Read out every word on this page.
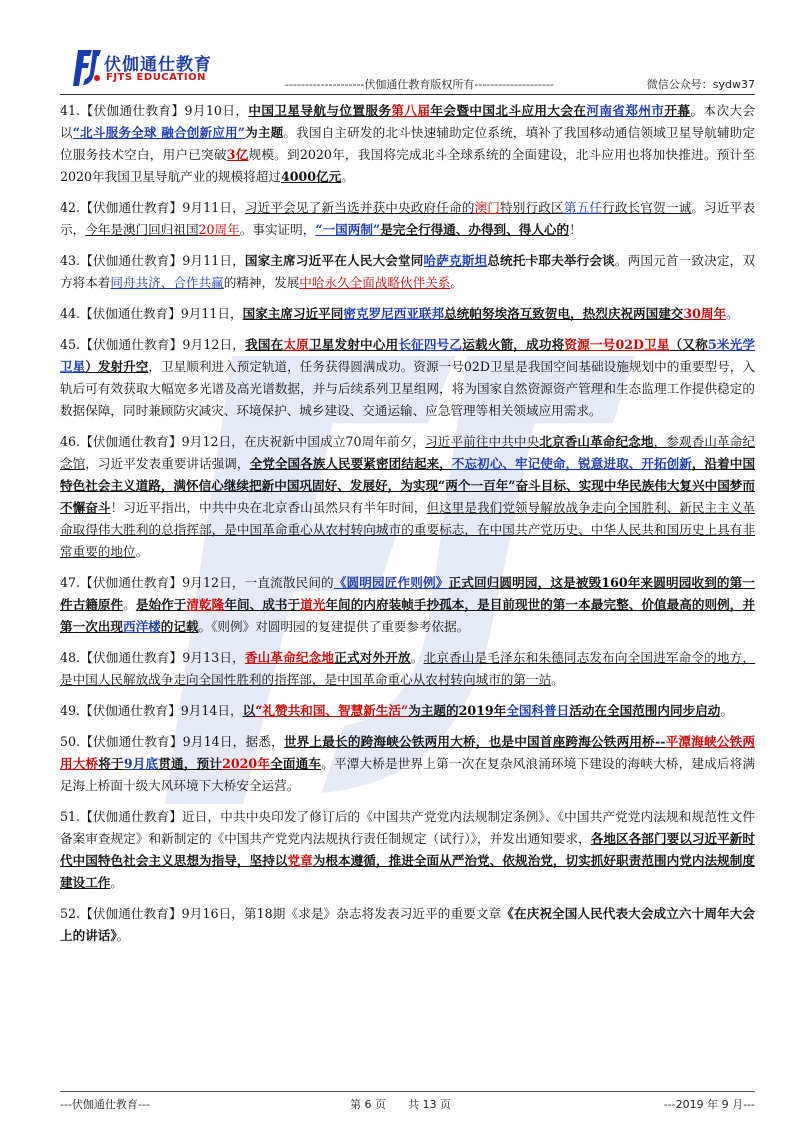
伏伽通仕教育
FJTS EDUCATION
--------------------伏伽通仕教育版权所有--------------------	微信公众号：sydw37

41.【伏伽通仕教育】9月10日，中国卫星导航与位置服务第八届年会暨中国北斗应用大会在河南省郑州市开幕。本次大会以“北斗服务全球 融合创新应用”为主题。我国自主研发的北斗快速辅助定位系统，填补了我国移动通信领域卫星导航辅助定位服务技术空白，用户已突破3亿规模。到2020年，我国将完成北斗全球系统的全面建设，北斗应用也将加快推进。预计至2020年我国卫星导航产业的规模将超过4000亿元。

42.【伏伽通仕教育】9月11日，习近平会见了新当选并获中央政府任命的澳门特别行政区第五任行政长官贺一诚。习近平表示，今年是澳门回归祖国20周年。事实证明，“一国两制”是完全行得通、办得到、得人心的！

43.【伏伽通仕教育】9月11日，国家主席习近平在人民大会堂同哈萨克斯坦总统托卡耶夫举行会谈。两国元首一致决定，双方将本着同舟共济、合作共赢的精神，发展中哈永久全面战略伙伴关系。

44.【伏伽通仕教育】9月11日，国家主席习近平同密克罗尼西亚联邦总统帕努埃洛互致贺电，热烈庆祝两国建交30周年。

45.【伏伽通仕教育】9月12日，我国在太原卫星发射中心用长征四号乙运载火箭，成功将资源一号02D卫星（又称5米光学卫星）发射升空，卫星顺利进入预定轨道，任务获得圆满成功。资源一号02D卫星是我国空间基础设施规划中的重要型号，入轨后可有效获取大幅宽多光谱及高光谱数据，并与后续系列卫星组网，将为国家自然资源资产管理和生态监理工作提供稳定的数据保障，同时兼顾防灾减灾、环境保护、城乡建设、交通运输、应急管理等相关领域应用需求。

46.【伏伽通仕教育】9月12日，在庆祝新中国成立70周年前夕，习近平前往中共中央北京香山革命纪念地，参观香山革命纪念馆，习近平发表重要讲话强调，全党全国各族人民要紧密团结起来，不忘初心、牢记使命，锐意进取、开拓创新，沿着中国特色社会主义道路，满怀信心继续把新中国巩固好、发展好，为实现“两个一百年”奋斗目标、实现中华民族伟大复兴中国梦而不懈奋斗！习近平指出，中共中央在北京香山虽然只有半年时间，但这里是我们党领导解放战争走向全国胜利、新民主主义革命取得伟大胜利的总指挥部，是中国革命重心从农村转向城市的重要标志，在中国共产党历史、中华人民共和国历史上具有非常重要的地位。

47.【伏伽通仕教育】9月12日，一直流散民间的《圆明园匠作则例》正式回归圆明园，这是被毁160年来圆明园收到的第一件古籍原件。是始作于清乾隆年间、成书于道光年间的内府装帧手抄孤本，是目前现世的第一本最完整、价值最高的则例，并第一次出现西洋楼的记载。《则例》对圆明园的复建提供了重要参考依据。

48.【伏伽通仕教育】9月13日，香山革命纪念地正式对外开放。北京香山是毛泽东和朱德同志发布向全国进军命令的地方，是中国人民解放战争走向全国性胜利的指挥部，是中国革命重心从农村转向城市的第一站。

49.【伏伽通仕教育】9月14日，以“礼赞共和国、智慧新生活”为主题的2019年全国科普日活动在全国范围内同步启动。

50.【伏伽通仕教育】9月14日，据悉，世界上最长的跨海峡公铁两用大桥，也是中国首座跨海公铁两用桥--平潭海峡公铁两用大桥将于9月底贯通，预计2020年全面通车。平潭大桥是世界上第一次在复杂风浪涌环境下建设的海峡大桥，建成后将满足海上桥面十级大风环境下大桥安全运营。

51.【伏伽通仕教育】近日，中共中央印发了修订后的《中国共产党党内法规制定条例》、《中国共产党党内法规和规范性文件备案审查规定》和新制定的《中国共产党党内法规执行责任制规定（试行）》，并发出通知要求，各地区各部门要以习近平新时代中国特色社会主义思想为指导，坚持以党章为根本遵循，推进全面从严治党、依规治党，切实抓好职责范围内党内法规制度建设工作。

52.【伏伽通仕教育】9月16日，第18期《求是》杂志将发表习近平的重要文章《在庆祝全国人民代表大会成立六十周年大会上的讲话》。

---伏伽通仕教育---	第 6 页　　共 13 页	---2019 年 9 月---
